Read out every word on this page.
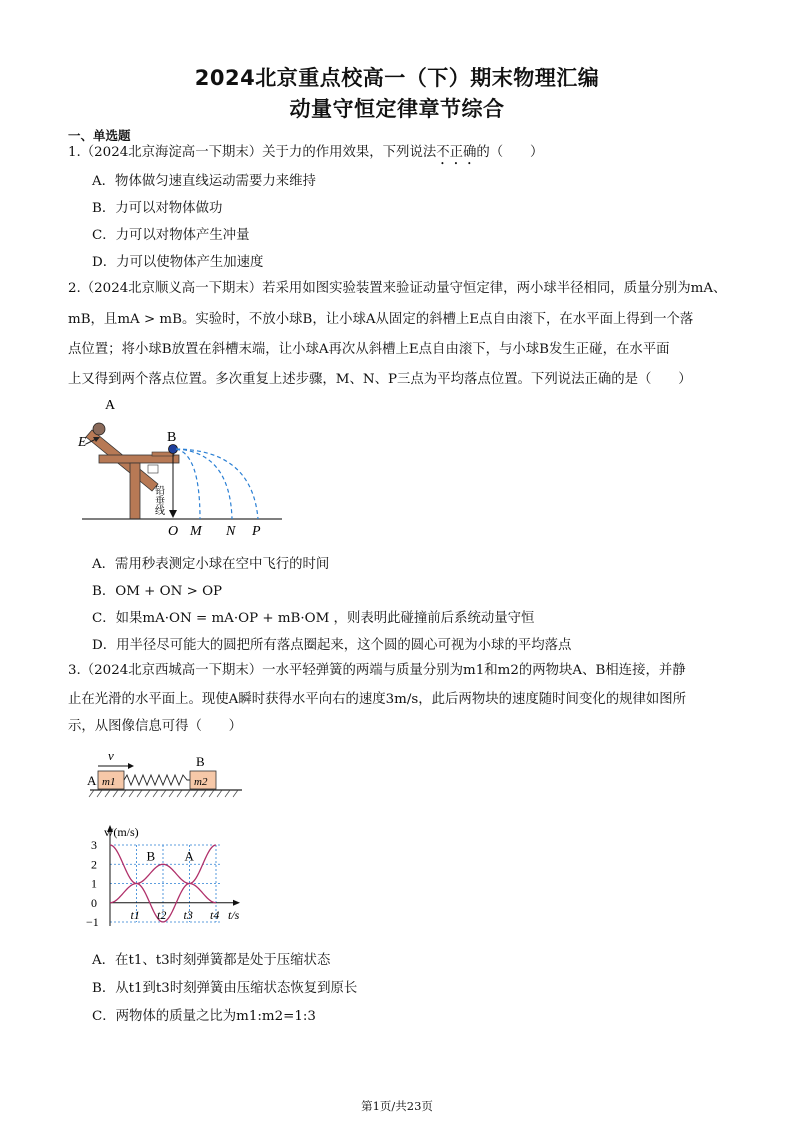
2024北京重点校高一（下）期末物理汇编
动量守恒定律章节综合
一、单选题
1.（2024北京海淀高一下期末）关于力的作用效果，下列说法不正确的（　　）
A．物体做匀速直线运动需要力来维持
B．力可以对物体做功
C．力可以对物体产生冲量
D．力可以使物体产生加速度
2.（2024北京顺义高一下期末）若采用如图实验装置来验证动量守恒定律，两小球半径相同，质量分别为mA、
mB，且mA > mB。实验时，不放小球B，让小球A从固定的斜槽上E点自由滚下，在水平面上得到一个落
点位置；将小球B放置在斜槽末端，让小球A再次从斜槽上E点自由滚下，与小球B发生正碰，在水平面
上又得到两个落点位置。多次重复上述步骤，M、N、P三点为平均落点位置。下列说法正确的是（　　）
A
E	B
铅垂线
O M N P
A．需用秒表测定小球在空中飞行的时间
B．OM + ON > OP
C．如果mA·ON = mA·OP + mB·OM ，则表明此碰撞前后系统动量守恒
D．用半径尽可能大的圆把所有落点圈起来，这个圆的圆心可视为小球的平均落点
3.（2024北京西城高一下期末）一水平轻弹簧的两端与质量分别为m1和m2的两物块A、B相连接，并静
止在光滑的水平面上。现使A瞬时获得水平向右的速度3m/s，此后两物块的速度随时间变化的规律如图所
示，从图像信息可得（　　）
v	B
A m1	m2
B A
3
2
1
0
−1
t1 t2 t3 t4
v/(m/s)
t/s
A．在t1、t3时刻弹簧都是处于压缩状态
B．从t1到t3时刻弹簧由压缩状态恢复到原长
C．两物体的质量之比为m1:m2=1:3
第1页/共23页
